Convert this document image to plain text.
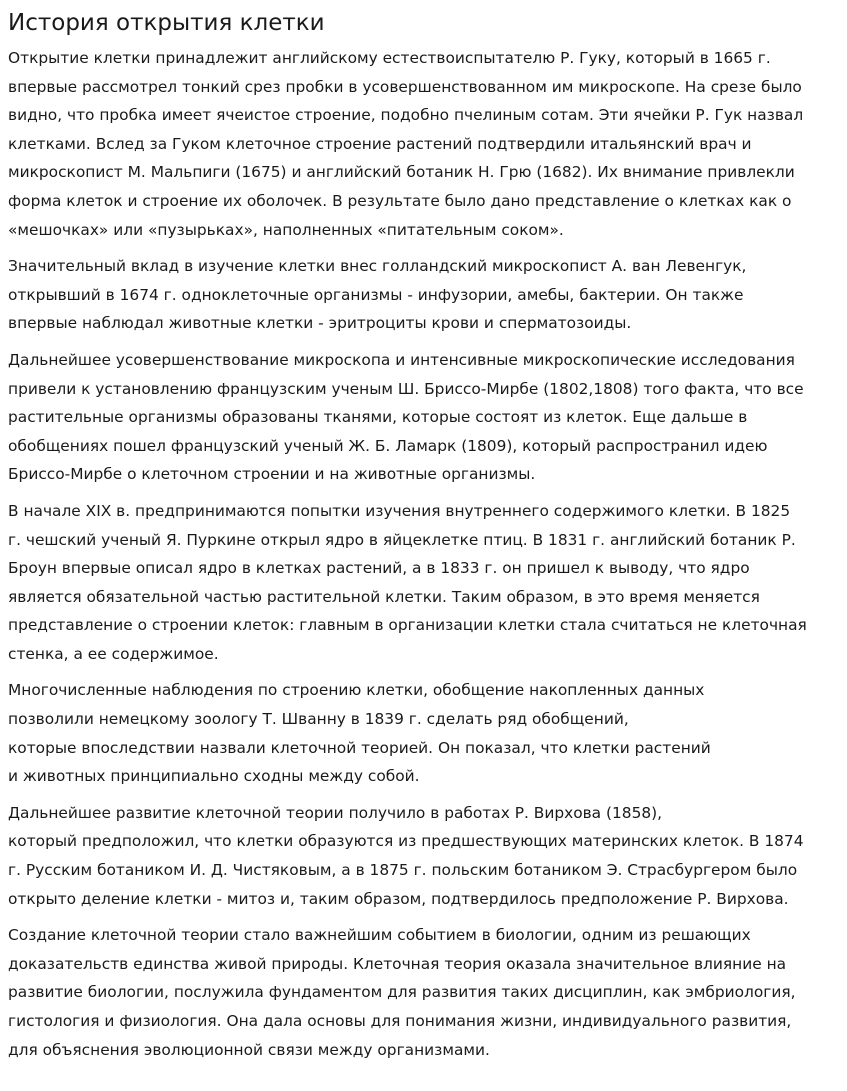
История открытия клетки

Открытие клетки принадлежит английскому естествоиспытателю Р. Гуку, который в 1665 г.
впервые рассмотрел тонкий срез пробки в усовершенствованном им микроскопе. На срезе было
видно, что пробка имеет ячеистое строение, подобно пчелиным сотам. Эти ячейки Р. Гук назвал
клетками. Вслед за Гуком клеточное строение растений подтвердили итальянский врач и
микроскопист М. Мальпиги (1675) и английский ботаник Н. Грю (1682). Их внимание привлекли
форма клеток и строение их оболочек. В результате было дано представление о клетках как о
«мешочках» или «пузырьках», наполненных «питательным соком».

Значительный вклад в изучение клетки внес голландский микроскопист А. ван Левенгук,
открывший в 1674 г. одноклеточные организмы - инфузории, амебы, бактерии. Он также
впервые наблюдал животные клетки - эритроциты крови и сперматозоиды.

Дальнейшее усовершенствование микроскопа и интенсивные микроскопические исследования
привели к установлению французским ученым Ш. Бриссо-Мирбе (1802,1808) того факта, что все
растительные организмы образованы тканями, которые состоят из клеток. Еще дальше в
обобщениях пошел французский ученый Ж. Б. Ламарк (1809), который распространил идею
Бриссо-Мирбе о клеточном строении и на животные организмы.

В начале XIX в. предпринимаются попытки изучения внутреннего содержимого клетки. В 1825
г. чешский ученый Я. Пуркине открыл ядро в яйцеклетке птиц. В 1831 г. английский ботаник Р.
Броун впервые описал ядро в клетках растений, а в 1833 г. он пришел к выводу, что ядро
является обязательной частью растительной клетки. Таким образом, в это время меняется
представление о строении клеток: главным в организации клетки стала считаться не клеточная
стенка, а ее содержимое.

Многочисленные наблюдения по строению клетки, обобщение накопленных данных
позволили немецкому зоологу Т. Шванну в 1839 г. сделать ряд обобщений,
которые впоследствии назвали клеточной теорией. Он показал, что клетки растений
и животных принципиально сходны между собой.

Дальнейшее развитие клеточной теории получило в работах Р. Вирхова (1858),
который предположил, что клетки образуются из предшествующих материнских клеток. В 1874
г. Русским ботаником И. Д. Чистяковым, а в 1875 г. польским ботаником Э. Страсбургером было
открыто деление клетки - митоз и, таким образом, подтвердилось предположение Р. Вирхова.

Создание клеточной теории стало важнейшим событием в биологии, одним из решающих
доказательств единства живой природы. Клеточная теория оказала значительное влияние на
развитие биологии, послужила фундаментом для развития таких дисциплин, как эмбриология,
гистология и физиология. Она дала основы для понимания жизни, индивидуального развития,
для объяснения эволюционной связи между организмами.
